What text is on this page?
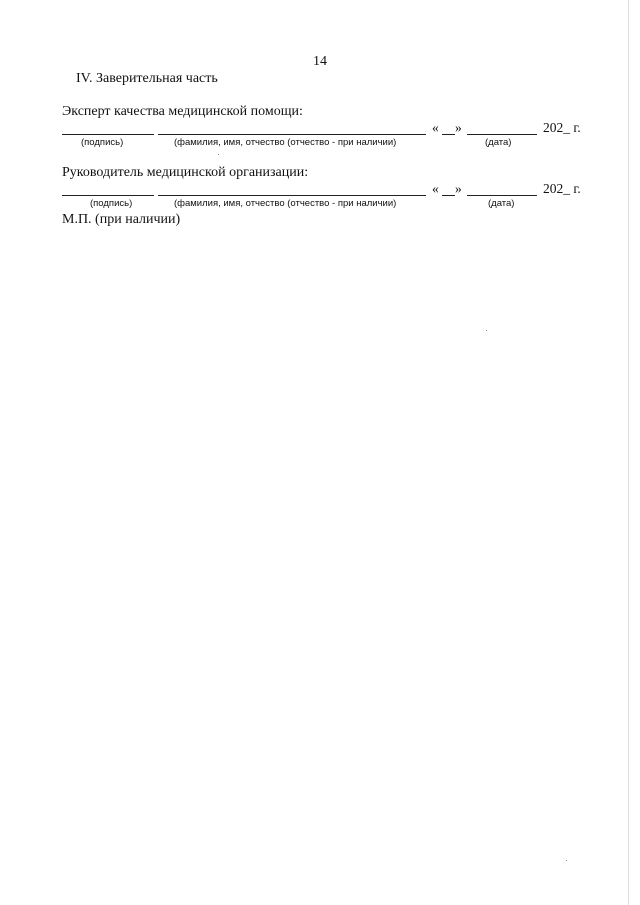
14
IV. Заверительная часть
Эксперт качества медицинской помощи:
« »	202_ г.
(подпись)	(фамилия, имя, отчество (отчество - при наличии)	(дата)
Руководитель медицинской организации:
« »	202_ г.
(подпись)	(фамилия, имя, отчество (отчество - при наличии)	(дата)
М.П. (при наличии)
